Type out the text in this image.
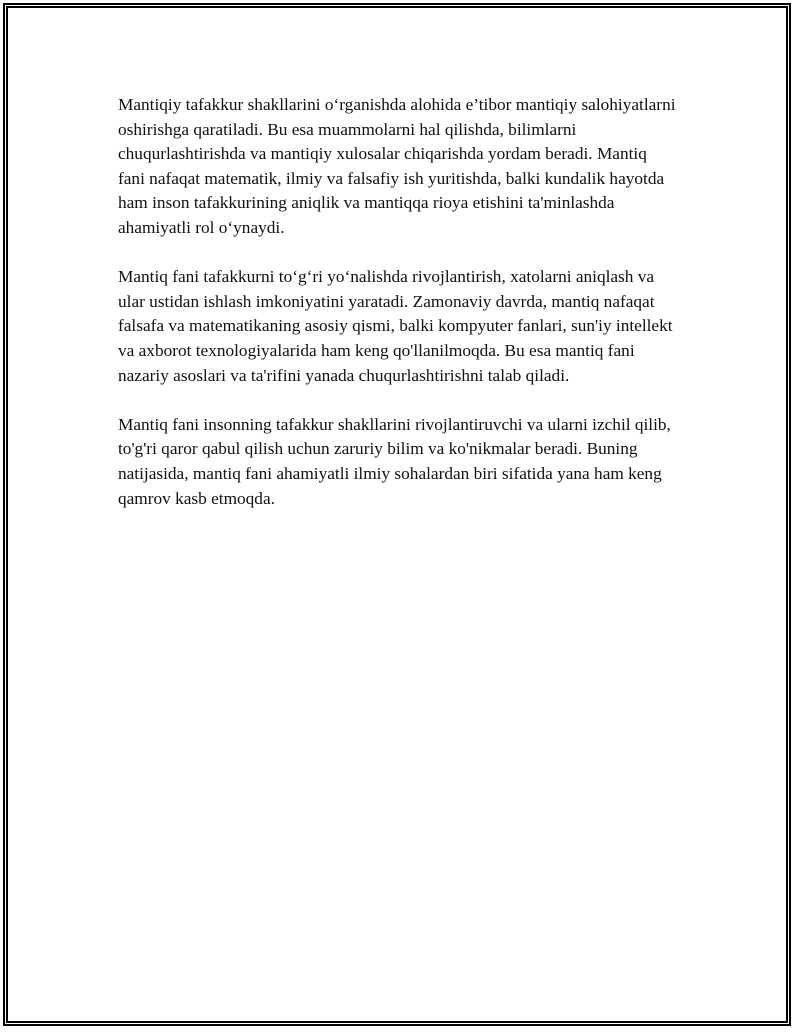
Mantiqiy tafakkur shakllarini o‘rganishda alohida e’tibor mantiqiy salohiyatlarni oshirishga qaratiladi. Bu esa muammolarni hal qilishda, bilimlarni chuqurlashtirishda va mantiqiy xulosalar chiqarishda yordam beradi. Mantiq fani nafaqat matematik, ilmiy va falsafiy ish yuritishda, balki kundalik hayotda ham inson tafakkurining aniqlik va mantiqqa rioya etishini ta'minlashda ahamiyatli rol o‘ynaydi.

Mantiq fani tafakkurni to‘g‘ri yo‘nalishda rivojlantirish, xatolarni aniqlash va ular ustidan ishlash imkoniyatini yaratadi. Zamonaviy davrda, mantiq nafaqat falsafa va matematikaning asosiy qismi, balki kompyuter fanlari, sun'iy intellekt va axborot texnologiyalarida ham keng qo'llanilmoqda. Bu esa mantiq fani nazariy asoslari va ta'rifini yanada chuqurlashtirishni talab qiladi.

Mantiq fani insonning tafakkur shakllarini rivojlantiruvchi va ularni izchil qilib, to'g'ri qaror qabul qilish uchun zaruriy bilim va ko'nikmalar beradi. Buning natijasida, mantiq fani ahamiyatli ilmiy sohalardan biri sifatida yana ham keng qamrov kasb etmoqda.
